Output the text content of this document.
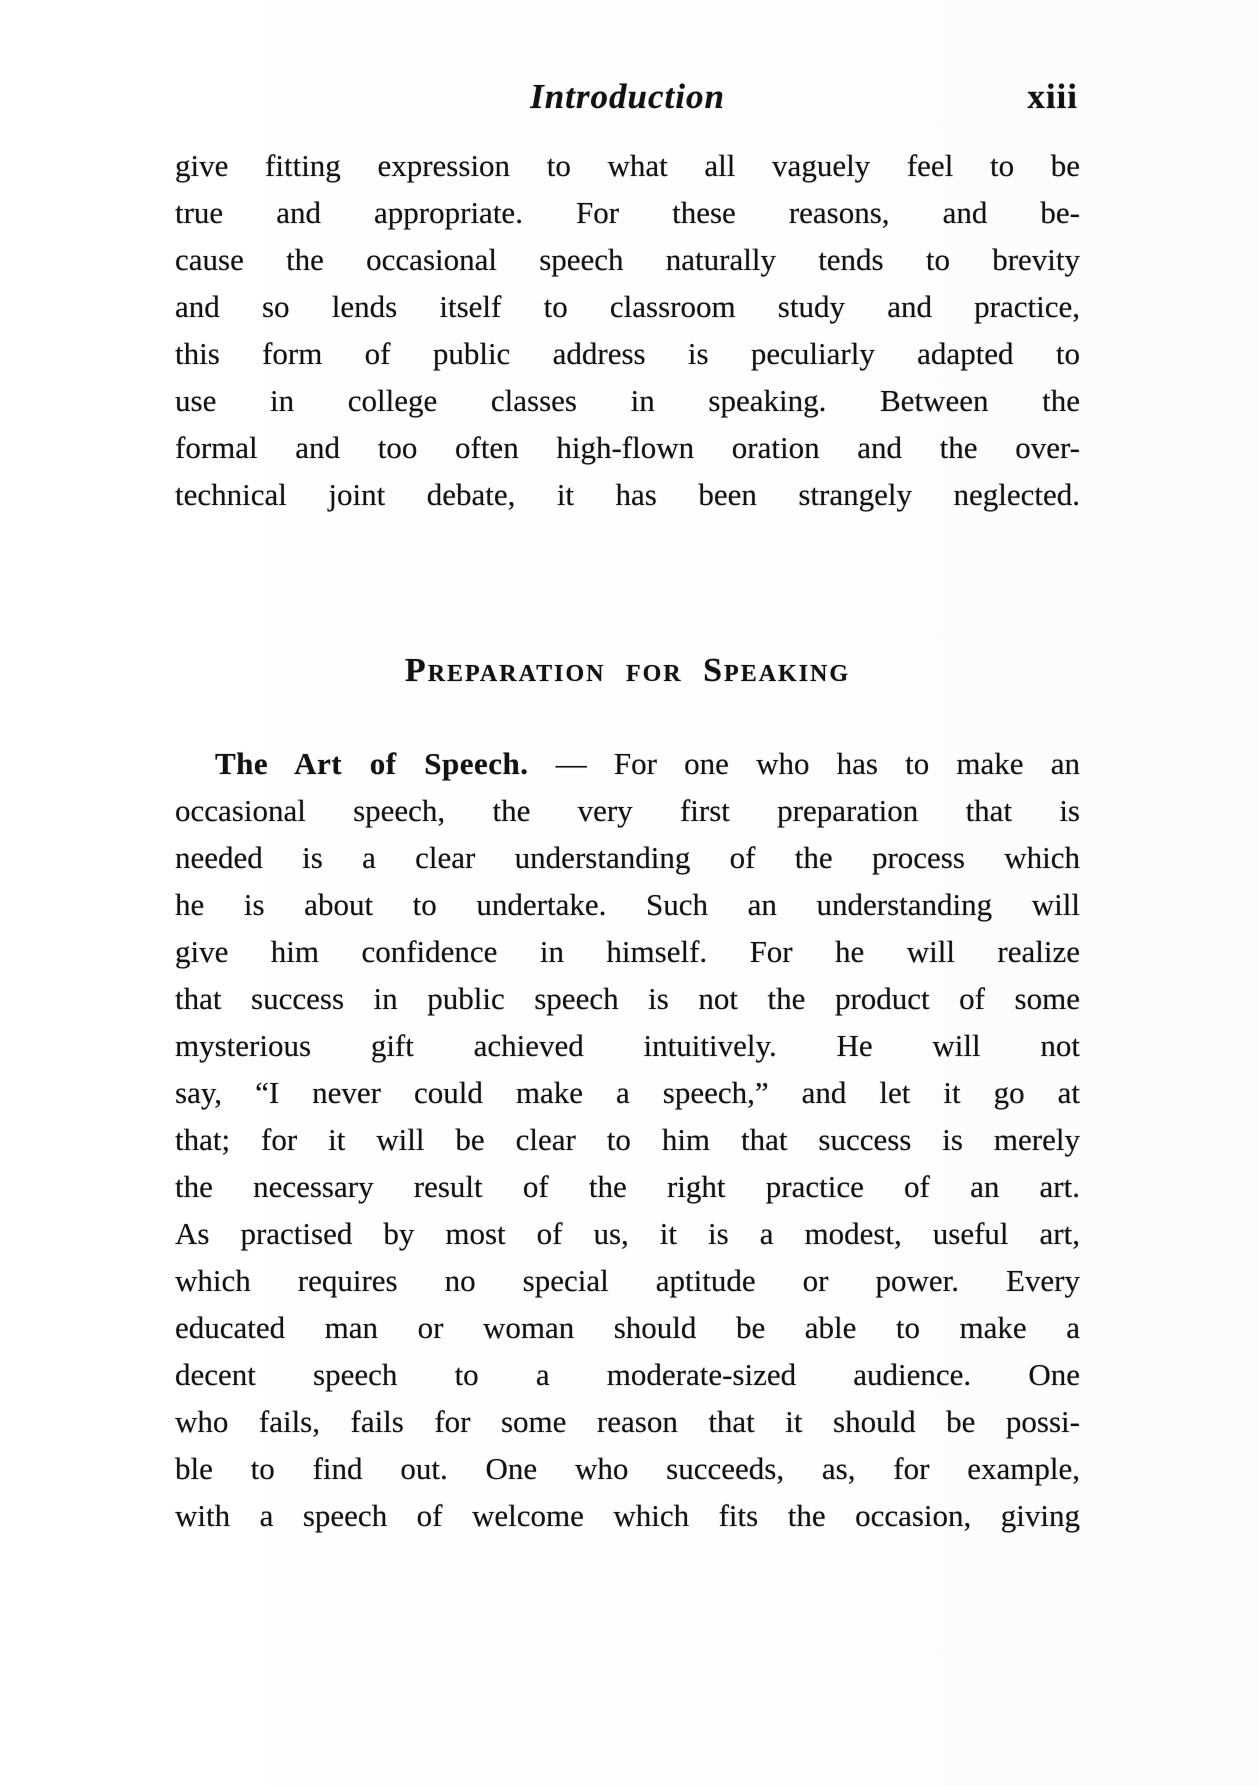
Introduction	xiii
give fitting expression to what all vaguely feel to be
true and appropriate. For these reasons, and be-
cause the occasional speech naturally tends to brevity
and so lends itself to classroom study and practice,
this form of public address is peculiarly adapted to
use in college classes in speaking. Between the
formal and too often high-flown oration and the over-
technical joint debate, it has been strangely neglected.
Preparation for Speaking
The Art of Speech. — For one who has to make an
occasional speech, the very first preparation that is
needed is a clear understanding of the process which
he is about to undertake. Such an understanding will
give him confidence in himself. For he will realize
that success in public speech is not the product of some
mysterious gift achieved intuitively. He will not
say, “I never could make a speech,” and let it go at
that; for it will be clear to him that success is merely
the necessary result of the right practice of an art.
As practised by most of us, it is a modest, useful art,
which requires no special aptitude or power. Every
educated man or woman should be able to make a
decent speech to a moderate-sized audience. One
who fails, fails for some reason that it should be possi-
ble to find out. One who succeeds, as, for example,
with a speech of welcome which fits the occasion, giving
